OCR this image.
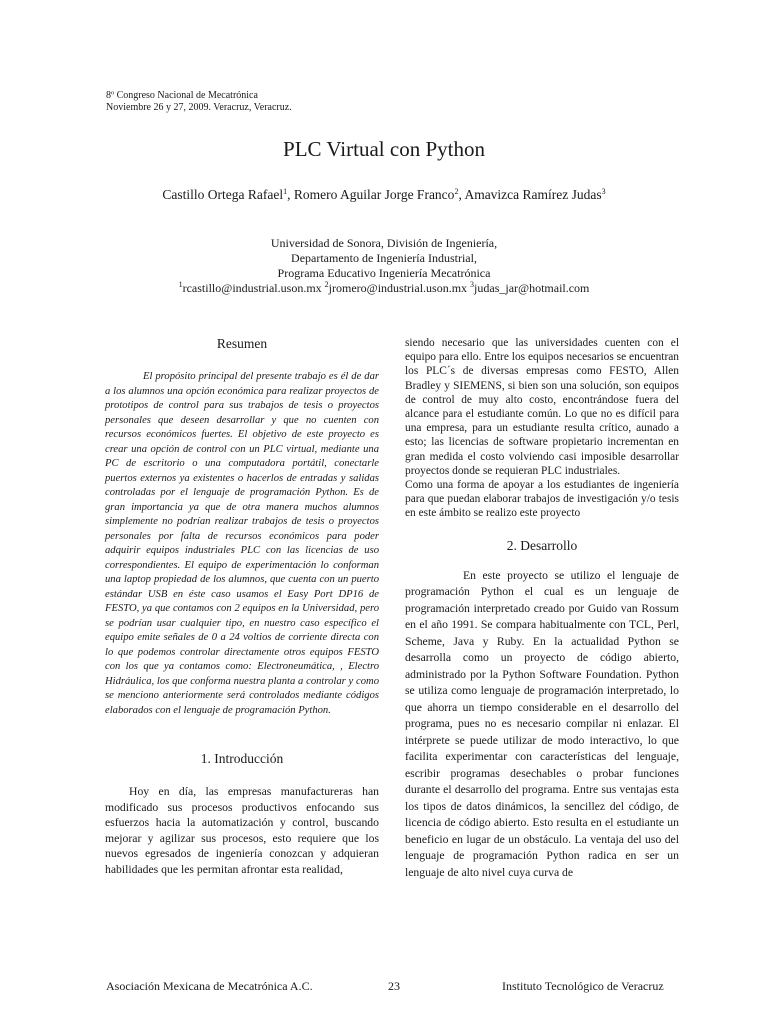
8º Congreso Nacional de Mecatrónica
Noviembre 26 y 27, 2009. Veracruz, Veracruz.
PLC Virtual con Python
Castillo Ortega Rafael$^1$, Romero Aguilar Jorge Franco$^2$, Amavizca Ramírez Judas$^3$
Universidad de Sonora, División de Ingeniería,
Departamento de Ingeniería Industrial,
Programa Educativo Ingeniería Mecatrónica
$^1$rcastillo@industrial.uson.mx $^2$jromero@industrial.uson.mx $^3$judas_jar@hotmail.com
Resumen

El propósito principal del presente trabajo es él de dar a los alumnos una opción económica para realizar proyectos de prototipos de control para sus trabajos de tesis o proyectos personales que deseen desarrollar y que no cuenten con recursos económicos fuertes. El objetivo de este proyecto es crear una opción de control con un PLC virtual, mediante una PC de escritorio o una computadora portátil, conectarle puertos externos ya existentes o hacerlos de entradas y salidas controladas por el lenguaje de programación Python. Es de gran importancia ya que de otra manera muchos alumnos simplemente no podrían realizar trabajos de tesis o proyectos personales por falta de recursos económicos para poder adquirir equipos industriales PLC con las licencias de uso correspondientes. El equipo de experimentación lo conforman una laptop propiedad de los alumnos, que cuenta con un puerto estándar USB en éste caso usamos el Easy Port DP16 de FESTO, ya que contamos con 2 equipos en la Universidad, pero se podrían usar cualquier tipo, en nuestro caso específico el equipo emite señales de 0 a 24 voltios de corriente directa con lo que podemos controlar directamente otros equipos FESTO con los que ya contamos como: Electroneumática, , Electro Hidráulica, los que conforma nuestra planta a controlar y como se menciono anteriormente será controlados mediante códigos elaborados con el lenguaje de programación Python.

1. Introducción

Hoy en día, las empresas manufactureras han modificado sus procesos productivos enfocando sus esfuerzos hacia la automatización y control, buscando mejorar y agilizar sus procesos, esto requiere que los nuevos egresados de ingeniería conozcan y adquieran habilidades que les permitan afrontar esta realidad,

siendo necesario que las universidades cuenten con el equipo para ello. Entre los equipos necesarios se encuentran los PLC´s de diversas empresas como FESTO, Allen Bradley y SIEMENS, si bien son una solución, son equipos de control de muy alto costo, encontrándose fuera del alcance para el estudiante común. Lo que no es difícil para una empresa, para un estudiante resulta crítico, aunado a esto; las licencias de software propietario incrementan en gran medida el costo volviendo casi imposible desarrollar proyectos donde se requieran PLC industriales.

Como una forma de apoyar a los estudiantes de ingeniería para que puedan elaborar trabajos de investigación y/o tesis en este ámbito se realizo este proyecto

2. Desarrollo

En este proyecto se utilizo el lenguaje de programación Python el cual es un lenguaje de programación interpretado creado por Guido van Rossum en el año 1991. Se compara habitualmente con TCL, Perl, Scheme, Java y Ruby. En la actualidad Python se desarrolla como un proyecto de código abierto, administrado por la Python Software Foundation. Python se utiliza como lenguaje de programación interpretado, lo que ahorra un tiempo considerable en el desarrollo del programa, pues no es necesario compilar ni enlazar. El intérprete se puede utilizar de modo interactivo, lo que facilita experimentar con características del lenguaje, escribir programas desechables o probar funciones durante el desarrollo del programa. Entre sus ventajas esta los tipos de datos dinámicos, la sencillez del código, de licencia de código abierto. Esto resulta en el estudiante un beneficio en lugar de un obstáculo. La ventaja del uso del lenguaje de programación Python radica en ser un lenguaje de alto nivel cuya curva de

Asociación Mexicana de Mecatrónica A.C.	23	Instituto Tecnológico de Veracruz
